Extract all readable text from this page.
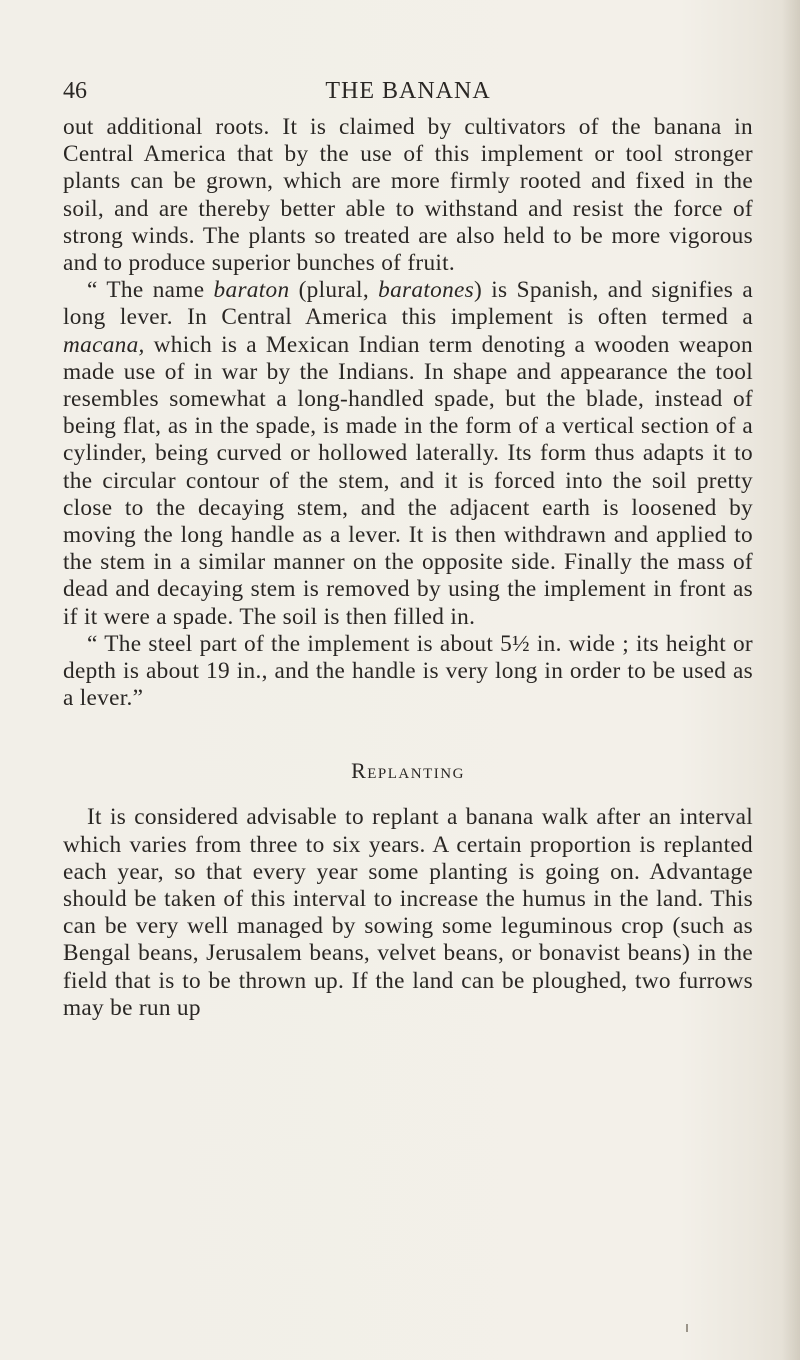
46	THE BANANA

out additional roots. It is claimed by cultivators of the banana in Central America that by the use of this implement or tool stronger plants can be grown, which are more firmly rooted and fixed in the soil, and are thereby better able to withstand and resist the force of strong winds. The plants so treated are also held to be more vigorous and to produce superior bunches of fruit.

“ The name baraton (plural, baratones) is Spanish, and signifies a long lever. In Central America this implement is often termed a macana, which is a Mexican Indian term denoting a wooden weapon made use of in war by the Indians. In shape and appearance the tool resembles somewhat a long-handled spade, but the blade, instead of being flat, as in the spade, is made in the form of a vertical section of a cylinder, being curved or hollowed laterally. Its form thus adapts it to the circular contour of the stem, and it is forced into the soil pretty close to the decaying stem, and the adjacent earth is loosened by moving the long handle as a lever. It is then withdrawn and applied to the stem in a similar manner on the opposite side. Finally the mass of dead and decaying stem is removed by using the implement in front as if it were a spade. The soil is then filled in.

“ The steel part of the implement is about 5½ in. wide ; its height or depth is about 19 in., and the handle is very long in order to be used as a lever.”

Replanting

It is considered advisable to replant a banana walk after an interval which varies from three to six years. A certain proportion is replanted each year, so that every year some planting is going on. Advantage should be taken of this interval to increase the humus in the land. This can be very well managed by sowing some leguminous crop (such as Bengal beans, Jerusalem beans, velvet beans, or bonavist beans) in the field that is to be thrown up. If the land can be ploughed, two furrows may be run up
